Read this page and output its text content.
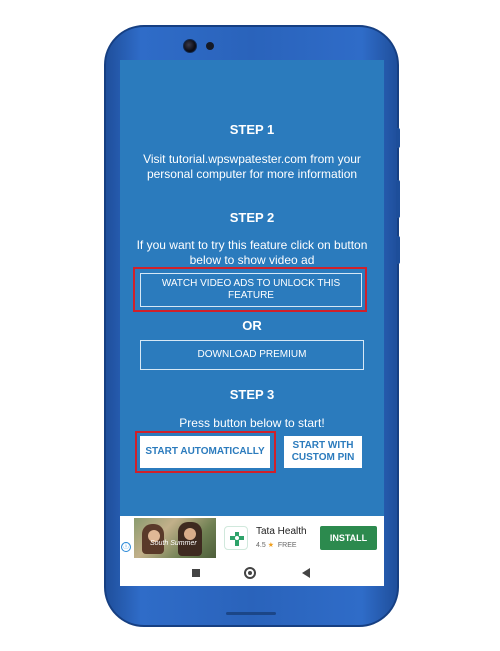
STEP 1
Visit tutorial.wpswpatester.com from your personal computer for more information
STEP 2
If you want to try this feature click on button below to show video ad
WATCH VIDEO ADS TO UNLOCK THIS FEATURE
OR
DOWNLOAD PREMIUM
STEP 3
Press button below to start!
START AUTOMATICALLY
START WITH CUSTOM PIN
ⓘ	South Summer
Tata Health
4.5 ★ FREE
INSTALL
